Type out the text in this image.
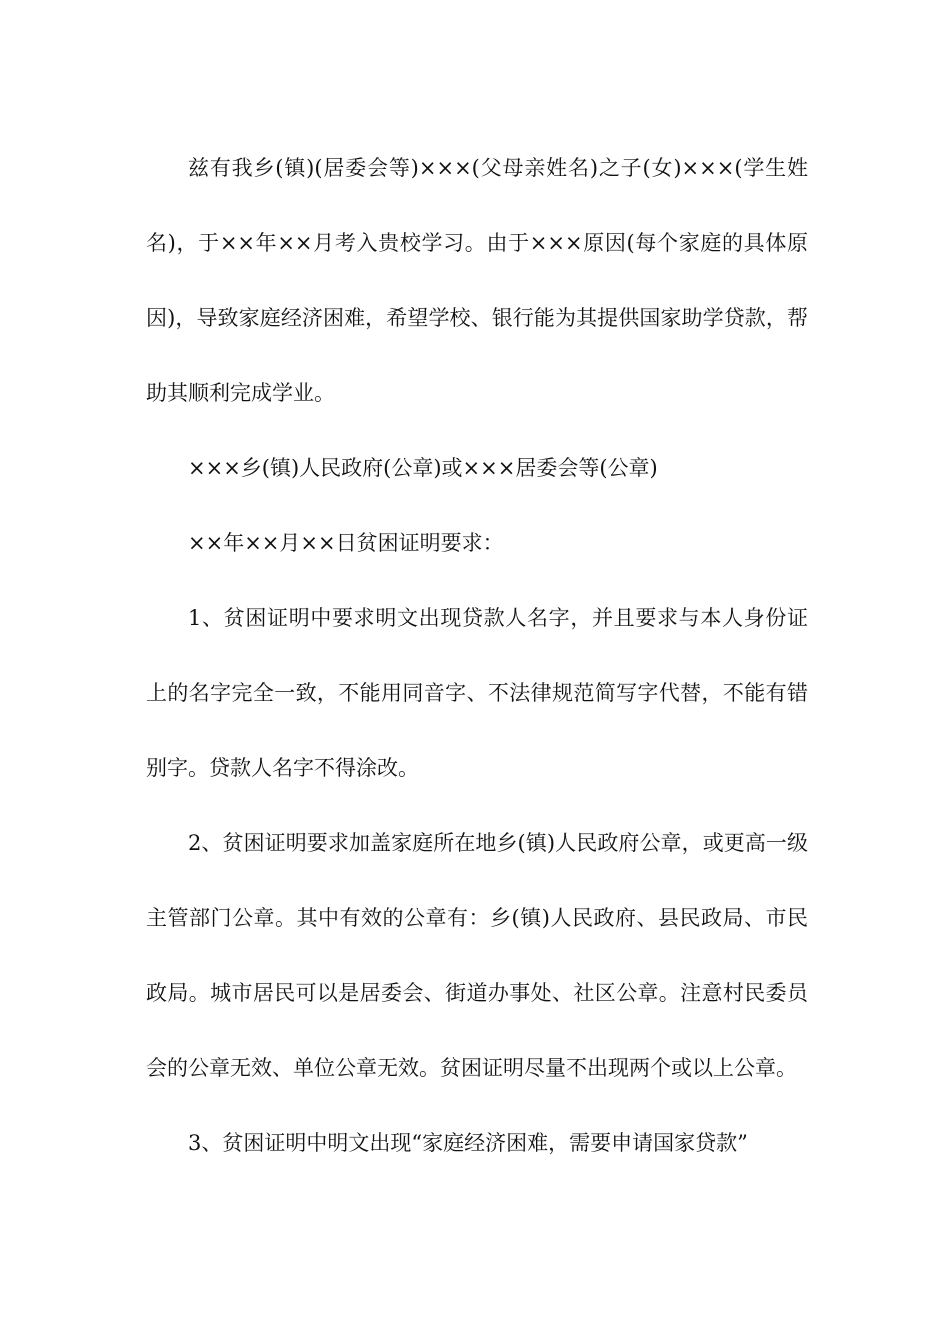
兹有我乡(镇)(居委会等)×××(父母亲姓名)之子(女)×××(学生姓名)，于××年××月考入贵校学习。由于×××原因(每个家庭的具体原因)，导致家庭经济困难，希望学校、银行能为其提供国家助学贷款，帮助其顺利完成学业。

×××乡(镇)人民政府(公章)或×××居委会等(公章)

××年××月××日贫困证明要求：

1、贫困证明中要求明文出现贷款人名字，并且要求与本人身份证上的名字完全一致，不能用同音字、不法律规范简写字代替，不能有错别字。贷款人名字不得涂改。

2、贫困证明要求加盖家庭所在地乡(镇)人民政府公章，或更高一级主管部门公章。其中有效的公章有：乡(镇)人民政府、县民政局、市民政局。城市居民可以是居委会、街道办事处、社区公章。注意村民委员会的公章无效、单位公章无效。贫困证明尽量不出现两个或以上公章。

3、贫困证明中明文出现“家庭经济困难，需要申请国家贷款”
